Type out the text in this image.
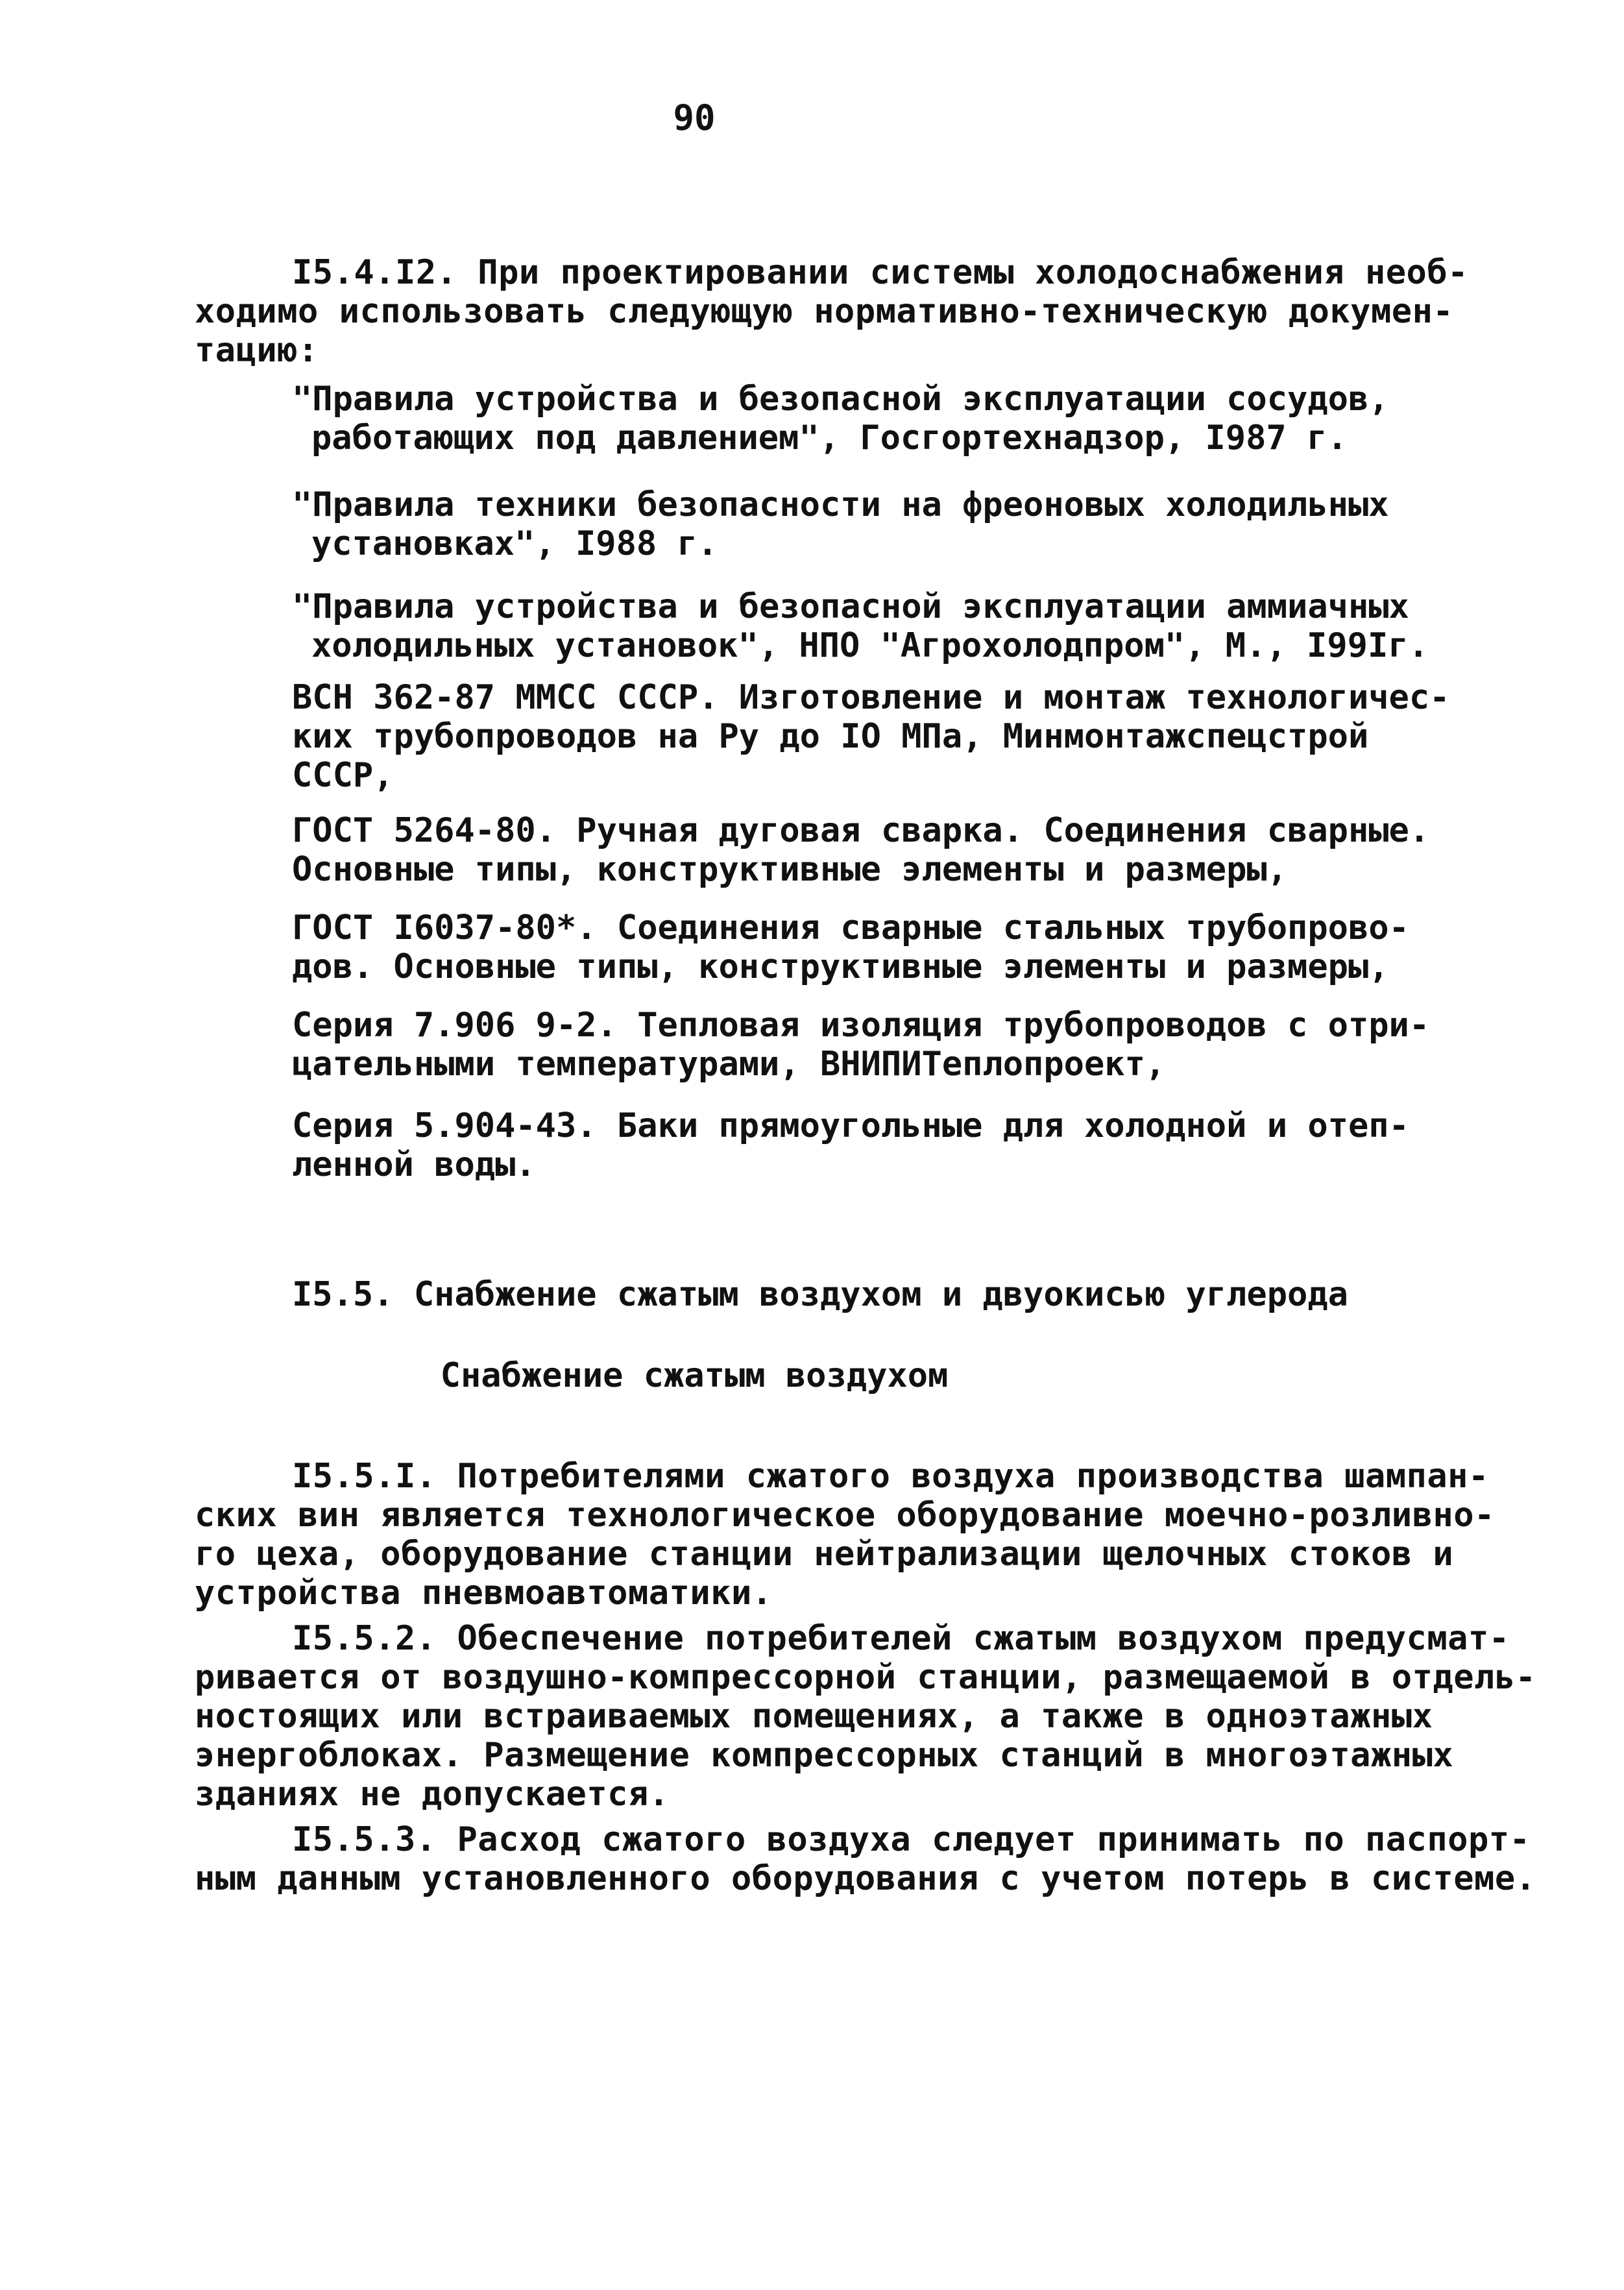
90
I5.4.I2. При проектировании системы холодоснабжения необ-
ходимо использовать следующую нормативно-техническую докумен-
тацию:
"Правила устройства и безопасной эксплуатации сосудов,
работающих под давлением", Госгортехнадзор, I987 г.
"Правила техники безопасности на фреоновых холодильных
установках", I988 г.
"Правила устройства и безопасной эксплуатации аммиачных
холодильных установок", НПО "Агрохолодпром", М., I99Iг.
ВСН 362-87 ММСС СССР. Изготовление и монтаж технологичес-
ких трубопроводов на Ру до IO МПа, Минмонтажспецстрой
СССР,
ГОСТ 5264-80. Ручная дуговая сварка. Соединения сварные.
Основные типы, конструктивные элементы и размеры,
ГОСТ I6037-80*. Соединения сварные стальных трубопрово-
дов. Основные типы, конструктивные элементы и размеры,
Серия 7.906 9-2. Тепловая изоляция трубопроводов с отри-
цательными температурами, ВНИПИТеплопроект,
Серия 5.904-43. Баки прямоугольные для холодной и отеп-
ленной воды.
I5.5. Снабжение сжатым воздухом и двуокисью углерода
Снабжение сжатым воздухом
I5.5.I. Потребителями сжатого воздуха производства шампан-
ских вин является технологическое оборудование моечно-розливно-
го цеха, оборудование станции нейтрализации щелочных стоков и
устройства пневмоавтоматики.
I5.5.2. Обеспечение потребителей сжатым воздухом предусмат-
ривается от воздушно-компрессорной станции, размещаемой в отдель-
ностоящих или встраиваемых помещениях, а также в одноэтажных
энергоблоках. Размещение компрессорных станций в многоэтажных
зданиях не допускается.
I5.5.3. Расход сжатого воздуха следует принимать по паспорт-
ным данным установленного оборудования с учетом потерь в системе.
